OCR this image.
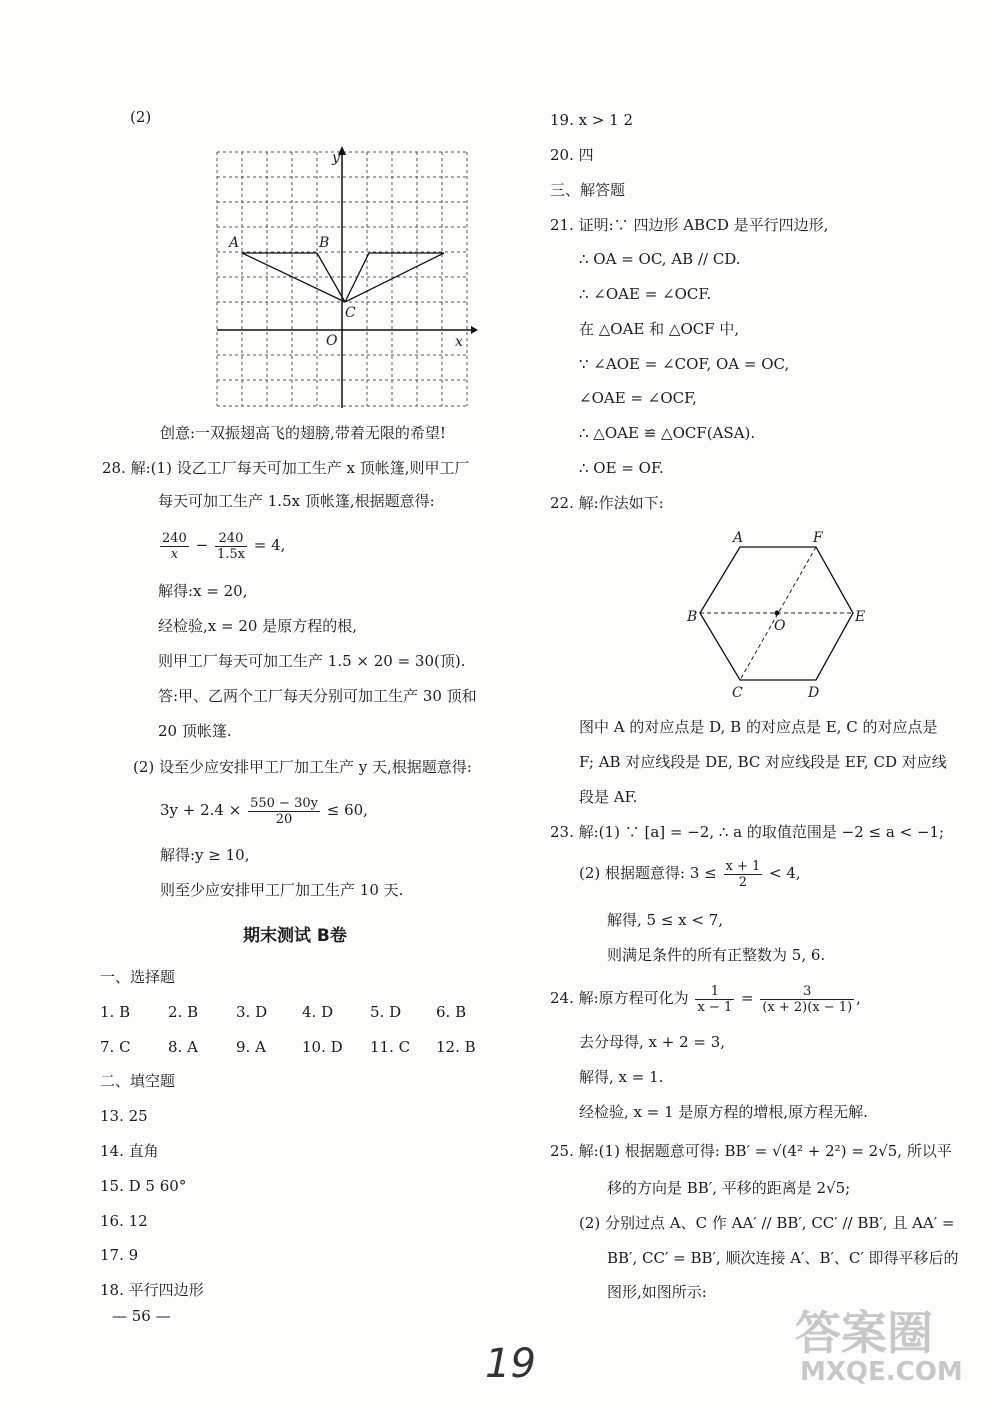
(2)
y
x
A	B
C
O
创意:一双振翅高飞的翅膀,带着无限的希望!
28. 解:(1) 设乙工厂每天可加工生产 x 顶帐篷,则甲工厂
每天可加工生产 1.5x 顶帐篷,根据题意得:
$\frac{240}{x} - \frac{240}{1.5x} = 4$,
解得:x = 20,
经检验,x = 20 是原方程的根,
则甲工厂每天可加工生产 1.5 × 20 = 30(顶).
答:甲、乙两个工厂每天分别可加工生产 30 顶和
20 顶帐篷.
(2) 设至少应安排甲工厂加工生产 y 天,根据题意得:
$3y + 2.4 \times \frac{550 - 30y}{20} \le 60$,
解得:y ≥ 10,
则至少应安排甲工厂加工生产 10 天.
期末测试 B卷
一、选择题
1. B	2. B	3. D 4. D 5. D 6. B
7. C 8. A	9. A 10. D 11. C 12. B
二、填空题
13. 25
14. 直角
15. D 5 60°
16. 12
17. 9
18. 平行四边形
— 56 —
19. x > 1 2
20. 四
三、解答题
21. 证明:∵ 四边形 ABCD 是平行四边形,
∴ OA = OC, AB // CD.
∴ ∠OAE = ∠OCF.
在 △OAE 和 △OCF 中,
∵ ∠AOE = ∠COF, OA = OC,
∠OAE = ∠OCF,
∴ △OAE ≌ △OCF(ASA).
∴ OE = OF.
22. 解:作法如下:
A	F
B	E
O
C	D
图中 A 的对应点是 D, B 的对应点是 E, C 的对应点是
F; AB 对应线段是 DE, BC 对应线段是 EF, CD 对应线
段是 AF.
23. 解:(1) ∵ [a] = −2, ∴ a 的取值范围是 −2 ≤ a < −1;
(2) 根据题意得: $3 \le \frac{x + 1}{2} < 4$,
解得, 5 ≤ x < 7,
则满足条件的所有正整数为 5, 6.
24. 解:原方程可化为 $\frac{1}{x - 1} = \frac{3}{(x + 2)(x - 1)}$ ,
去分母得, x + 2 = 3,
解得, x = 1.
经检验, x = 1 是原方程的增根,原方程无解.
25. 解:(1) 根据题意可得: BB′ = √(4² + 2²) = 2√5, 所以平
移的方向是 BB′, 平移的距离是 2√5;
(2) 分别过点 A、C 作 AA′ // BB′, CC′ // BB′, 且 AA′ =
BB′, CC′ = BB′, 顺次连接 A′、B′、C′ 即得平移后的
图形,如图所示:
19
答案圈
MXQE.COM
